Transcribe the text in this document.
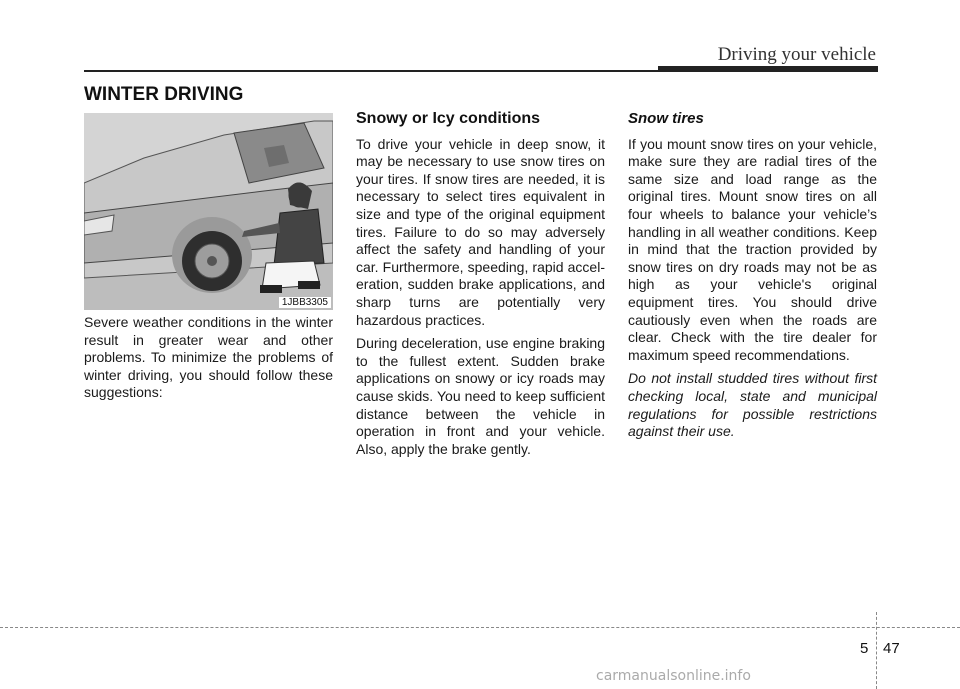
Driving your vehicle
WINTER DRIVING
1JBB3305

Severe weather conditions in the winter result in greater wear and other problems. To minimize the problems of winter driving, you should follow these suggestions:

Snowy or Icy conditions

To drive your vehicle in deep snow, it may be necessary to use snow tires on your tires. If snow tires are needed, it is necessary to select tires equivalent in size and type of the original equipment tires. Failure to do so may adversely affect the safety and handling of your car. Furthermore, speeding, rapid acceleration, sudden brake applications, and sharp turns are potentially very hazardous practices.

During deceleration, use engine braking to the fullest extent. Sudden brake applications on snowy or icy roads may cause skids. You need to keep sufficient distance between the vehicle in operation in front and your vehicle. Also, apply the brake gently.

Snow tires

If you mount snow tires on your vehicle, make sure they are radial tires of the same size and load range as the original tires. Mount snow tires on all four wheels to balance your vehicle’s handling in all weather conditions. Keep in mind that the traction provided by snow tires on dry roads may not be as high as your vehicle's original equipment tires. You should drive cautiously even when the roads are clear. Check with the tire dealer for maximum speed recommendations.

Do not install studded tires without first checking local, state and municipal regulations for possible restrictions against their use.

5 47
carmanualsonline.info
